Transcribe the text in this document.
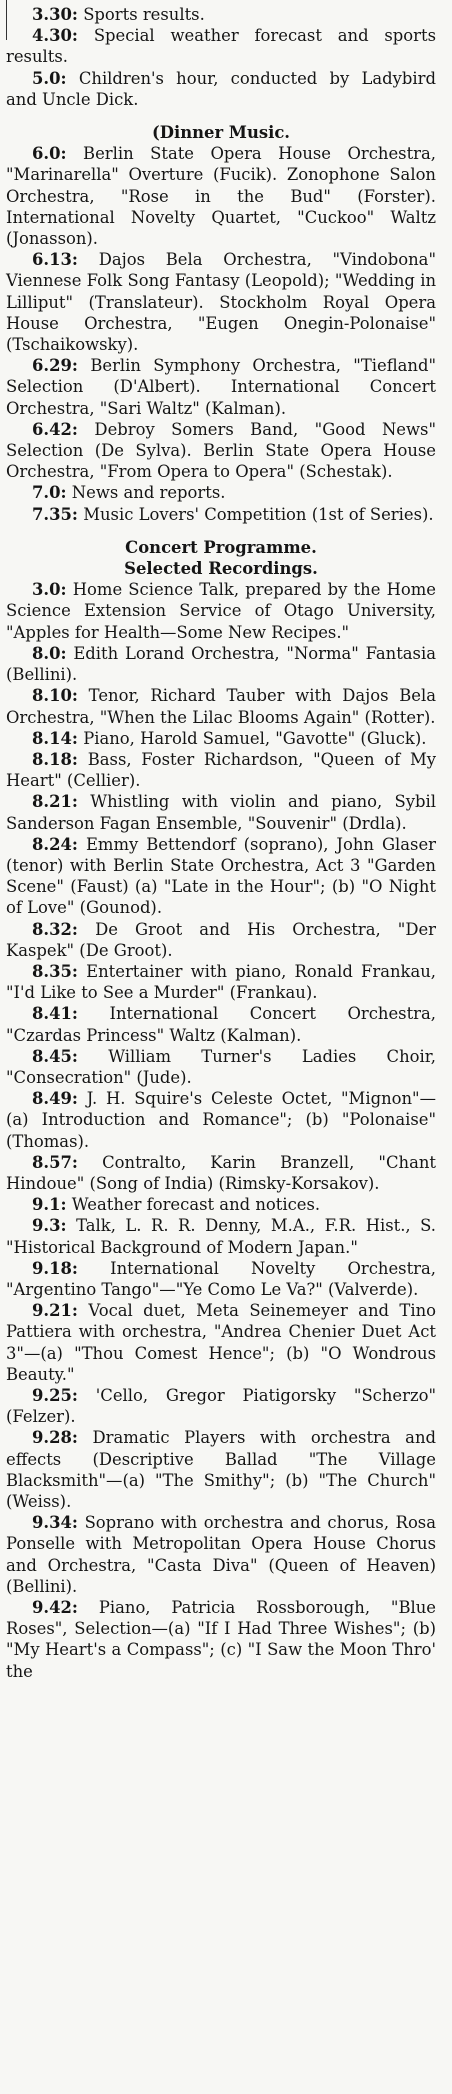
3.30: Sports results.

4.30: Special weather forecast and sports results.

5.0: Children's hour, conducted by Ladybird and Uncle Dick.

(Dinner Music.

6.0: Berlin State Opera House Orchestra, "Marinarella" Overture (Fucik). Zonophone Salon Orchestra, "Rose in the Bud" (Forster). International Novelty Quartet, "Cuckoo" Waltz (Jonasson).

6.13: Dajos Bela Orchestra, "Vindobona" Viennese Folk Song Fantasy (Leopold); "Wedding in Lilliput" (Translateur). Stockholm Royal Opera House Orchestra, "Eugen Onegin-Polonaise" (Tschaikowsky).

6.29: Berlin Symphony Orchestra, "Tiefland" Selection (D'Albert). International Concert Orchestra, "Sari Waltz" (Kalman).

6.42: Debroy Somers Band, "Good News" Selection (De Sylva). Berlin State Opera House Orchestra, "From Opera to Opera" (Schestak).

7.0: News and reports.

7.35: Music Lovers' Competition (1st of Series).

Concert Programme.

Selected Recordings.

3.0: Home Science Talk, prepared by the Home Science Extension Service of Otago University, "Apples for Health—Some New Recipes."

8.0: Edith Lorand Orchestra, "Norma" Fantasia (Bellini).

8.10: Tenor, Richard Tauber with Dajos Bela Orchestra, "When the Lilac Blooms Again" (Rotter).

8.14: Piano, Harold Samuel, "Gavotte" (Gluck).

8.18: Bass, Foster Richardson, "Queen of My Heart" (Cellier).

8.21: Whistling with violin and piano, Sybil Sanderson Fagan Ensemble, "Souvenir" (Drdla).

8.24: Emmy Bettendorf (soprano), John Glaser (tenor) with Berlin State Orchestra, Act 3 "Garden Scene" (Faust) (a) "Late in the Hour"; (b) "O Night of Love" (Gounod).

8.32: De Groot and His Orchestra, "Der Kaspek" (De Groot).

8.35: Entertainer with piano, Ronald Frankau, "I'd Like to See a Murder" (Frankau).

8.41: International Concert Orchestra, "Czardas Princess" Waltz (Kalman).

8.45: William Turner's Ladies Choir, "Consecration" (Jude).

8.49: J. H. Squire's Celeste Octet, "Mignon"—(a) Introduction and Romance"; (b) "Polonaise" (Thomas).

8.57: Contralto, Karin Branzell, "Chant Hindoue" (Song of India) (Rimsky-Korsakov).

9.1: Weather forecast and notices.

9.3: Talk, L. R. R. Denny, M.A., F.R. Hist., S. "Historical Background of Modern Japan."

9.18: International Novelty Orchestra, "Argentino Tango"—"Ye Como Le Va?" (Valverde).

9.21: Vocal duet, Meta Seinemeyer and Tino Pattiera with orchestra, "Andrea Chenier Duet Act 3"—(a) "Thou Comest Hence"; (b) "O Wondrous Beauty."

9.25: 'Cello, Gregor Piatigorsky "Scherzo" (Felzer).

9.28: Dramatic Players with orchestra and effects (Descriptive Ballad "The Village Blacksmith"—(a) "The Smithy"; (b) "The Church" (Weiss).

9.34: Soprano with orchestra and chorus, Rosa Ponselle with Metropolitan Opera House Chorus and Orchestra, "Casta Diva" (Queen of Heaven) (Bellini).

9.42: Piano, Patricia Rossborough, "Blue Roses", Selection—(a) "If I Had Three Wishes"; (b) "My Heart's a Compass"; (c) "I Saw the Moon Thro' the
